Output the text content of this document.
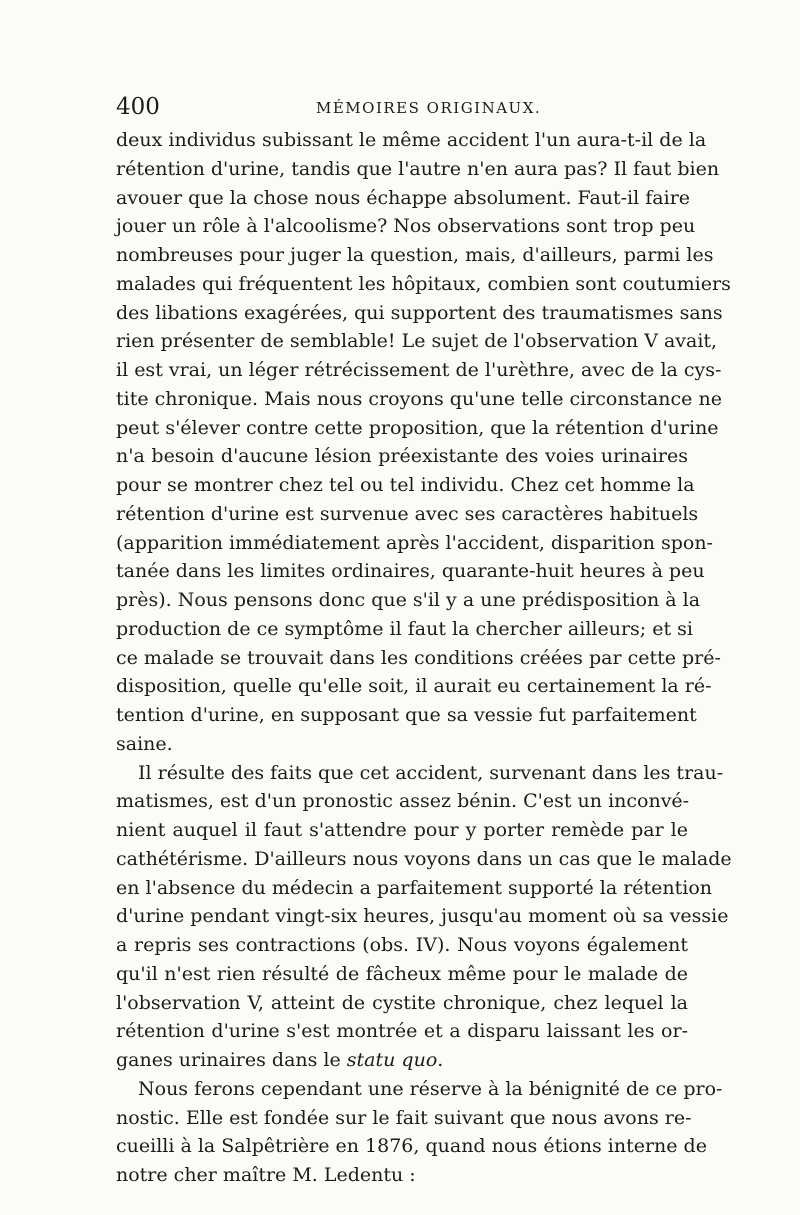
400	MÉMOIRES ORIGINAUX.
deux individus subissant le même accident l'un aura-t-il de la
rétention d'urine, tandis que l'autre n'en aura pas? Il faut bien
avouer que la chose nous échappe absolument. Faut-il faire
jouer un rôle à l'alcoolisme? Nos observations sont trop peu
nombreuses pour juger la question, mais, d'ailleurs, parmi les
malades qui fréquentent les hôpitaux, combien sont coutumiers
des libations exagérées, qui supportent des traumatismes sans
rien présenter de semblable! Le sujet de l'observation V avait,
il est vrai, un léger rétrécissement de l'urèthre, avec de la cys-
tite chronique. Mais nous croyons qu'une telle circonstance ne
peut s'élever contre cette proposition, que la rétention d'urine
n'a besoin d'aucune lésion préexistante des voies urinaires
pour se montrer chez tel ou tel individu. Chez cet homme la
rétention d'urine est survenue avec ses caractères habituels
(apparition immédiatement après l'accident, disparition spon-
tanée dans les limites ordinaires, quarante-huit heures à peu
près). Nous pensons donc que s'il y a une prédisposition à la
production de ce symptôme il faut la chercher ailleurs; et si
ce malade se trouvait dans les conditions créées par cette pré-
disposition, quelle qu'elle soit, il aurait eu certainement la ré-
tention d'urine, en supposant que sa vessie fut parfaitement
saine.
Il résulte des faits que cet accident, survenant dans les trau-
matismes, est d'un pronostic assez bénin. C'est un inconvé-
nient auquel il faut s'attendre pour y porter remède par le
cathétérisme. D'ailleurs nous voyons dans un cas que le malade
en l'absence du médecin a parfaitement supporté la rétention
d'urine pendant vingt-six heures, jusqu'au moment où sa vessie
a repris ses contractions (obs. IV). Nous voyons également
qu'il n'est rien résulté de fâcheux même pour le malade de
l'observation V, atteint de cystite chronique, chez lequel la
rétention d'urine s'est montrée et a disparu laissant les or-
ganes urinaires dans le statu quo.
Nous ferons cependant une réserve à la bénignité de ce pro-
nostic. Elle est fondée sur le fait suivant que nous avons re-
cueilli à la Salpêtrière en 1876, quand nous étions interne de
notre cher maître M. Ledentu :
